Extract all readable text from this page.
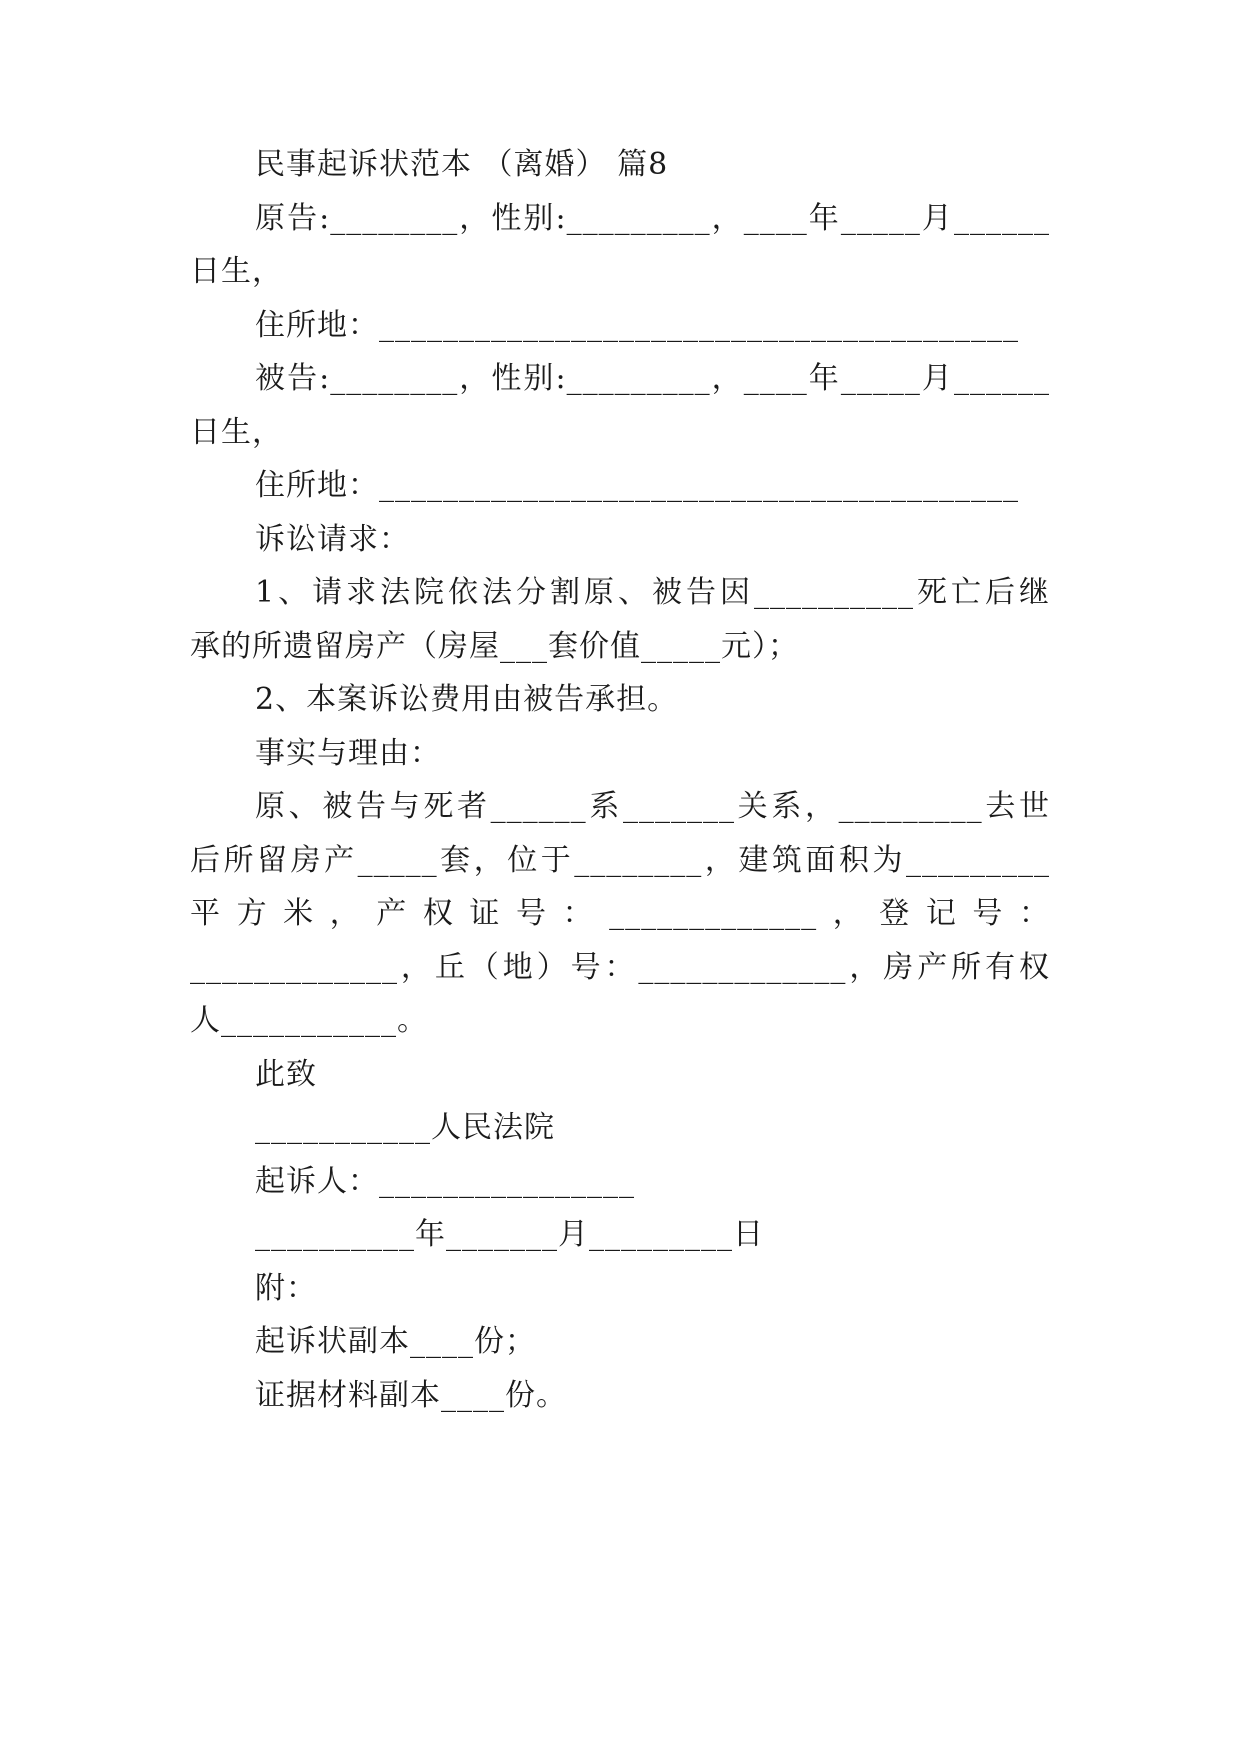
民事起诉状范本 （离婚） 篇8
原告:________，性别:_________，____年_____月______
日生，
住所地：________________________________________
被告:________，性别:_________，____年_____月______
日生，
住所地：________________________________________
诉讼请求：
1、请求法院依法分割原、被告因__________死亡后继
承的所遗留房产（房屋___套价值_____元）；
2、本案诉讼费用由被告承担。
事实与理由：
原、被告与死者______系_______关系，_________去世
后所留房产_____套，位于________，建筑面积为_________
平方米，产权证号：_____________，登记号：
_____________，丘（地）号：_____________，房产所有权
人___________。
此致
___________人民法院
起诉人：________________
__________年_______月_________日
附：
起诉状副本____份；
证据材料副本____份。
